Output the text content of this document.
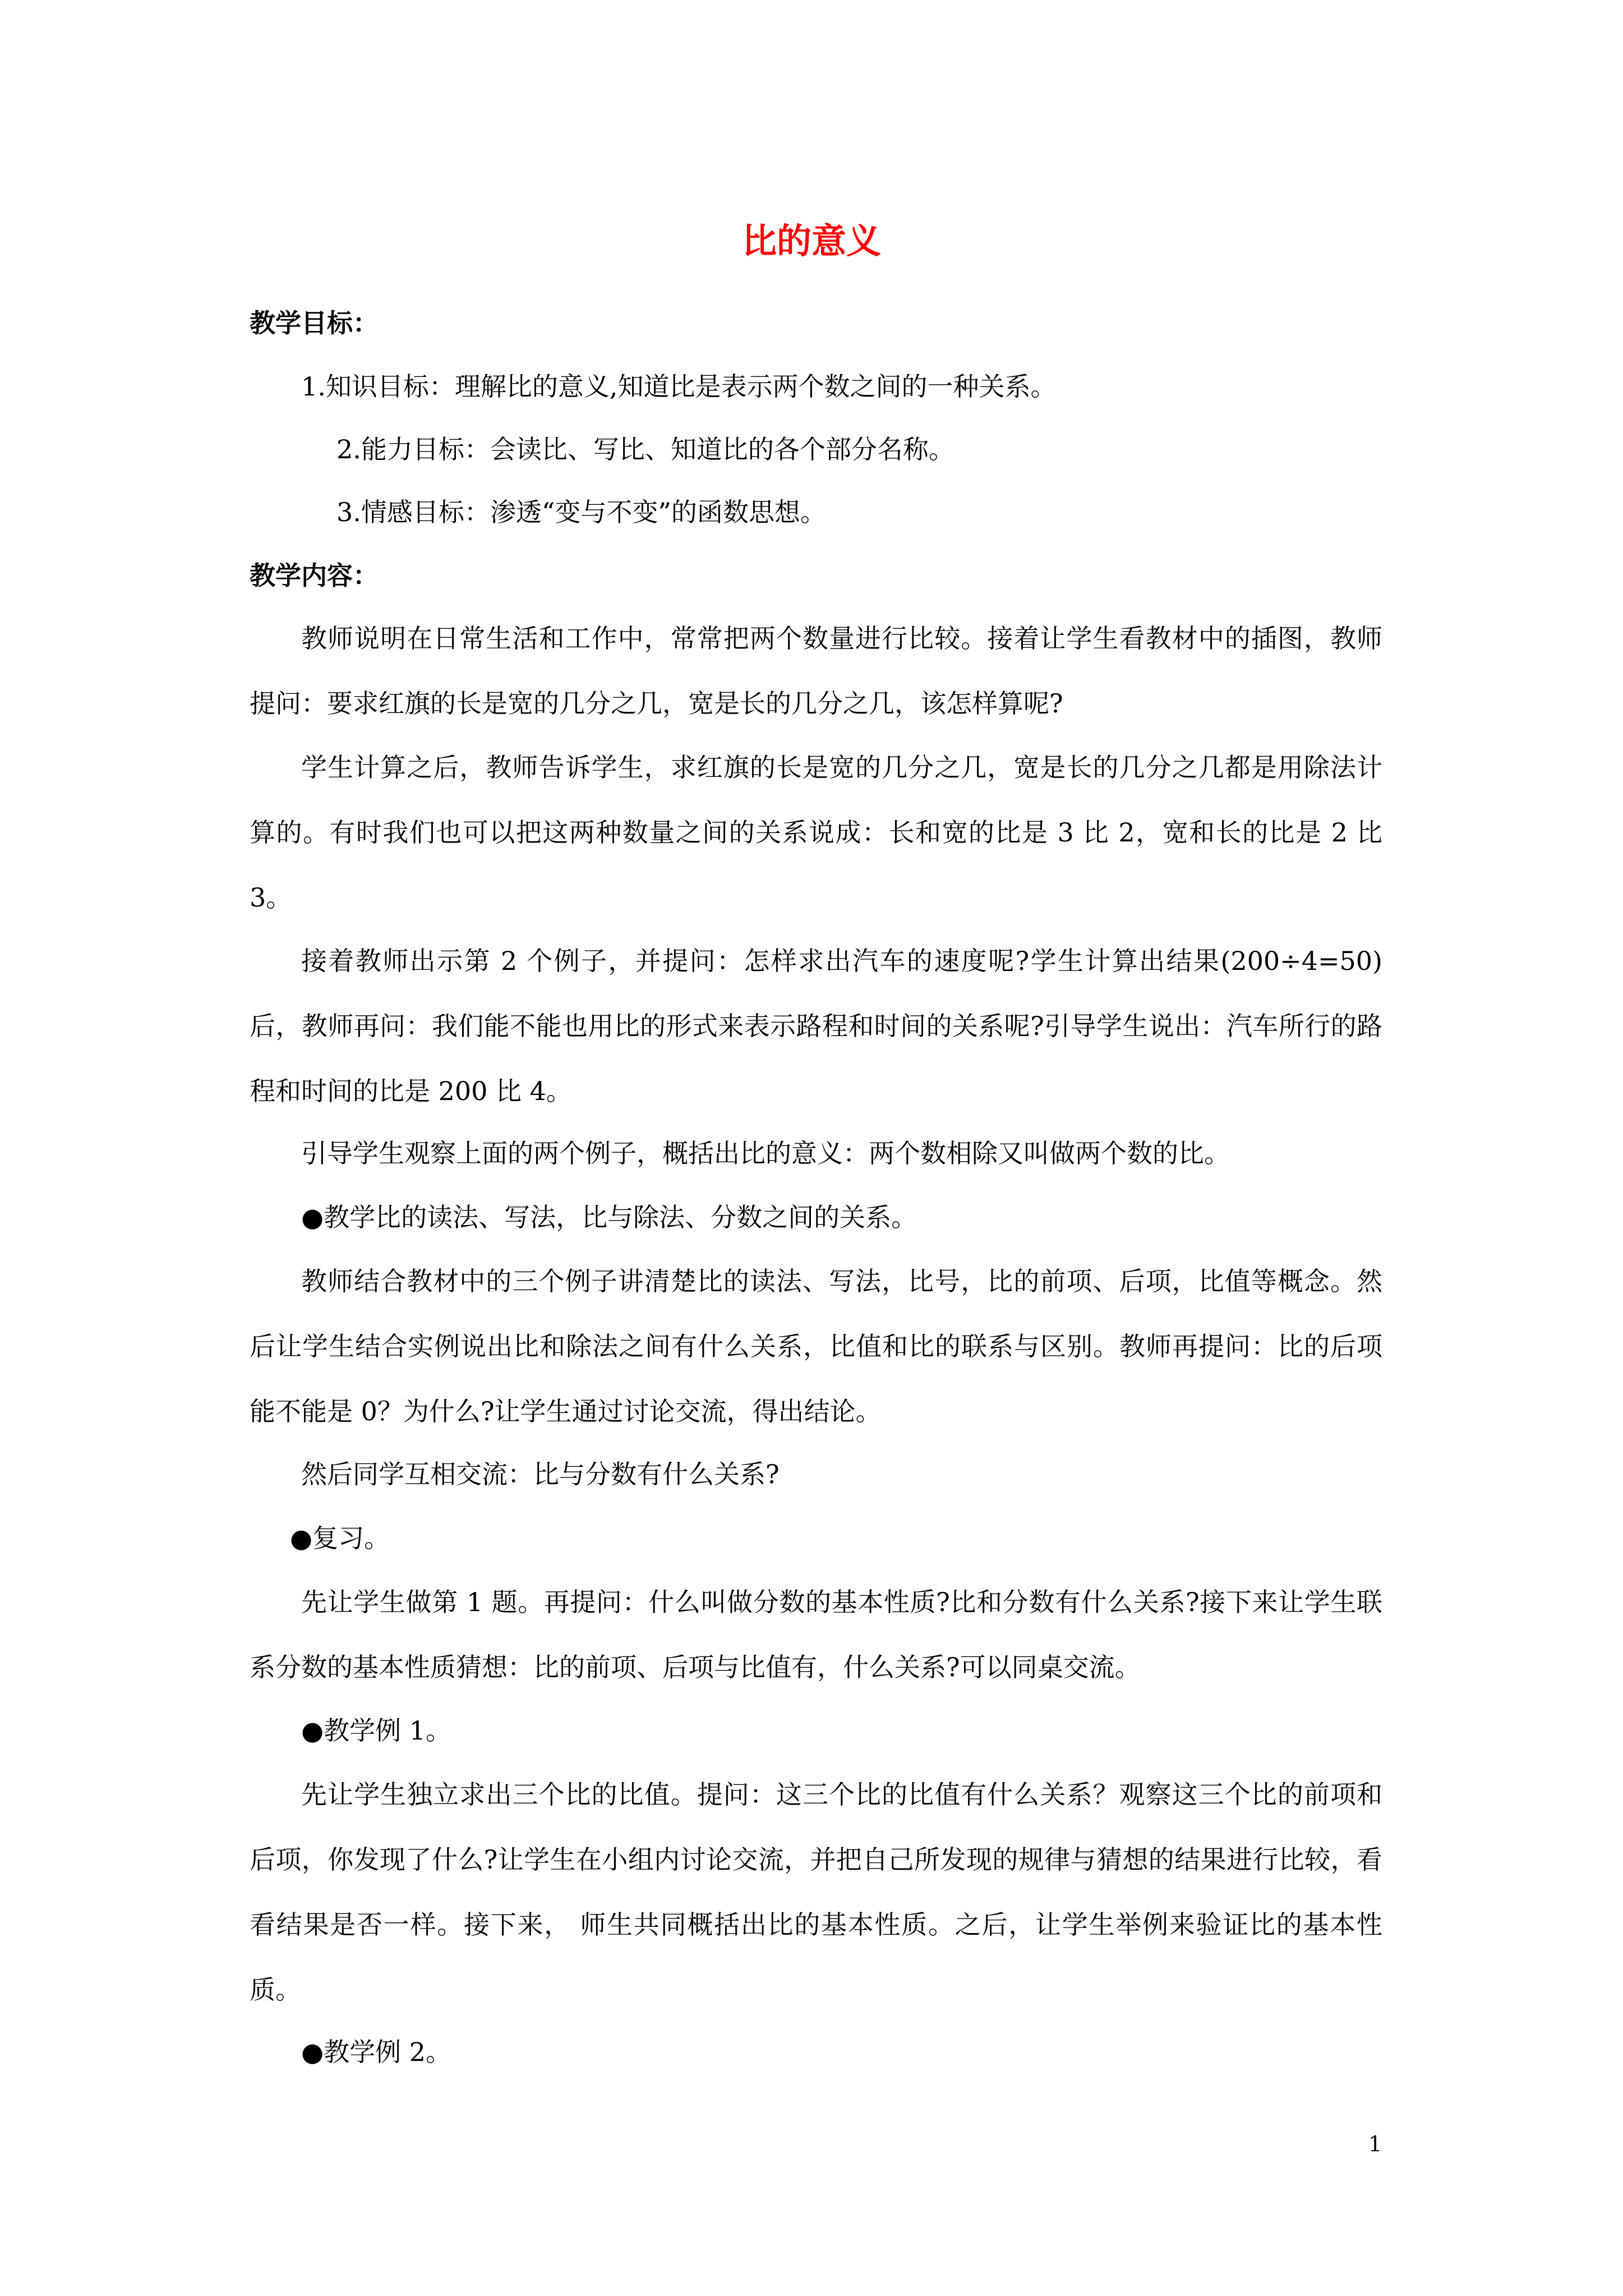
比的意义
教学目标：
1.知识目标：理解比的意义,知道比是表示两个数之间的一种关系。
2.能力目标：会读比、写比、知道比的各个部分名称。
3.情感目标：渗透“变与不变”的函数思想。
教学内容：
教师说明在日常生活和工作中，常常把两个数量进行比较。接着让学生看教材中的插图，教师提问：要求红旗的长是宽的几分之几，宽是长的几分之几，该怎样算呢?
学生计算之后，教师告诉学生，求红旗的长是宽的几分之几，宽是长的几分之几都是用除法计算的。有时我们也可以把这两种数量之间的关系说成：长和宽的比是 3 比 2，宽和长的比是 2 比 3。
接着教师出示第 2 个例子，并提问：怎样求出汽车的速度呢?学生计算出结果(200÷4=50)后，教师再问：我们能不能也用比的形式来表示路程和时间的关系呢?引导学生说出：汽车所行的路程和时间的比是 200 比 4。
引导学生观察上面的两个例子，概括出比的意义：两个数相除又叫做两个数的比。
●教学比的读法、写法，比与除法、分数之间的关系。
教师结合教材中的三个例子讲清楚比的读法、写法，比号，比的前项、后项，比值等概念。然后让学生结合实例说出比和除法之间有什么关系，比值和比的联系与区别。教师再提问：比的后项能不能是 0？为什么?让学生通过讨论交流，得出结论。
然后同学互相交流：比与分数有什么关系?
●复习。
先让学生做第 1 题。再提问：什么叫做分数的基本性质?比和分数有什么关系?接下来让学生联系分数的基本性质猜想：比的前项、后项与比值有，什么关系?可以同桌交流。
●教学例 1。
先让学生独立求出三个比的比值。提问：这三个比的比值有什么关系？观察这三个比的前项和后项，你发现了什么?让学生在小组内讨论交流，并把自己所发现的规律与猜想的结果进行比较，看看结果是否一样。接下来， 师生共同概括出比的基本性质。之后，让学生举例来验证比的基本性质。
●教学例 2。
1
